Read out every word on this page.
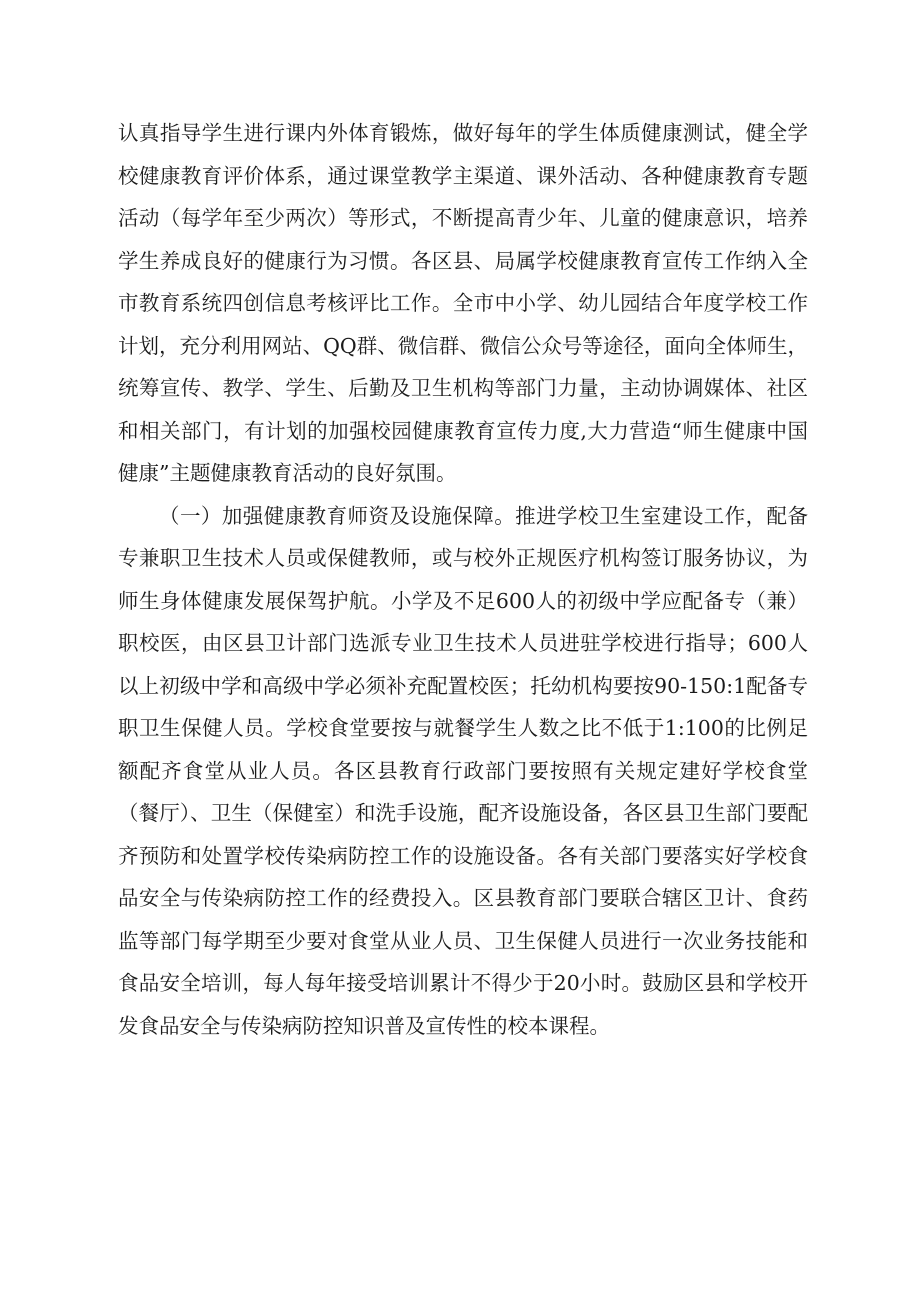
认真指导学生进行课内外体育锻炼，做好每年的学生体质健康测试，健全学校健康教育评价体系，通过课堂教学主渠道、课外活动、各种健康教育专题活动（每学年至少两次）等形式，不断提高青少年、儿童的健康意识，培养学生养成良好的健康行为习惯。各区县、局属学校健康教育宣传工作纳入全市教育系统四创信息考核评比工作。全市中小学、幼儿园结合年度学校工作计划，充分利用网站、QQ群、微信群、微信公众号等途径，面向全体师生，统筹宣传、教学、学生、后勤及卫生机构等部门力量，主动协调媒体、社区和相关部门，有计划的加强校园健康教育宣传力度,大力营造“师生健康中国健康”主题健康教育活动的良好氛围。

（一）加强健康教育师资及设施保障。推进学校卫生室建设工作，配备专兼职卫生技术人员或保健教师，或与校外正规医疗机构签订服务协议，为师生身体健康发展保驾护航。小学及不足600人的初级中学应配备专（兼）职校医，由区县卫计部门选派专业卫生技术人员进驻学校进行指导；600人以上初级中学和高级中学必须补充配置校医；托幼机构要按90-150:1配备专职卫生保健人员。学校食堂要按与就餐学生人数之比不低于1:100的比例足额配齐食堂从业人员。各区县教育行政部门要按照有关规定建好学校食堂（餐厅）、卫生（保健室）和洗手设施，配齐设施设备，各区县卫生部门要配齐预防和处置学校传染病防控工作的设施设备。各有关部门要落实好学校食品安全与传染病防控工作的经费投入。区县教育部门要联合辖区卫计、食药监等部门每学期至少要对食堂从业人员、卫生保健人员进行一次业务技能和食品安全培训，每人每年接受培训累计不得少于20小时。鼓励区县和学校开发食品安全与传染病防控知识普及宣传性的校本课程。
